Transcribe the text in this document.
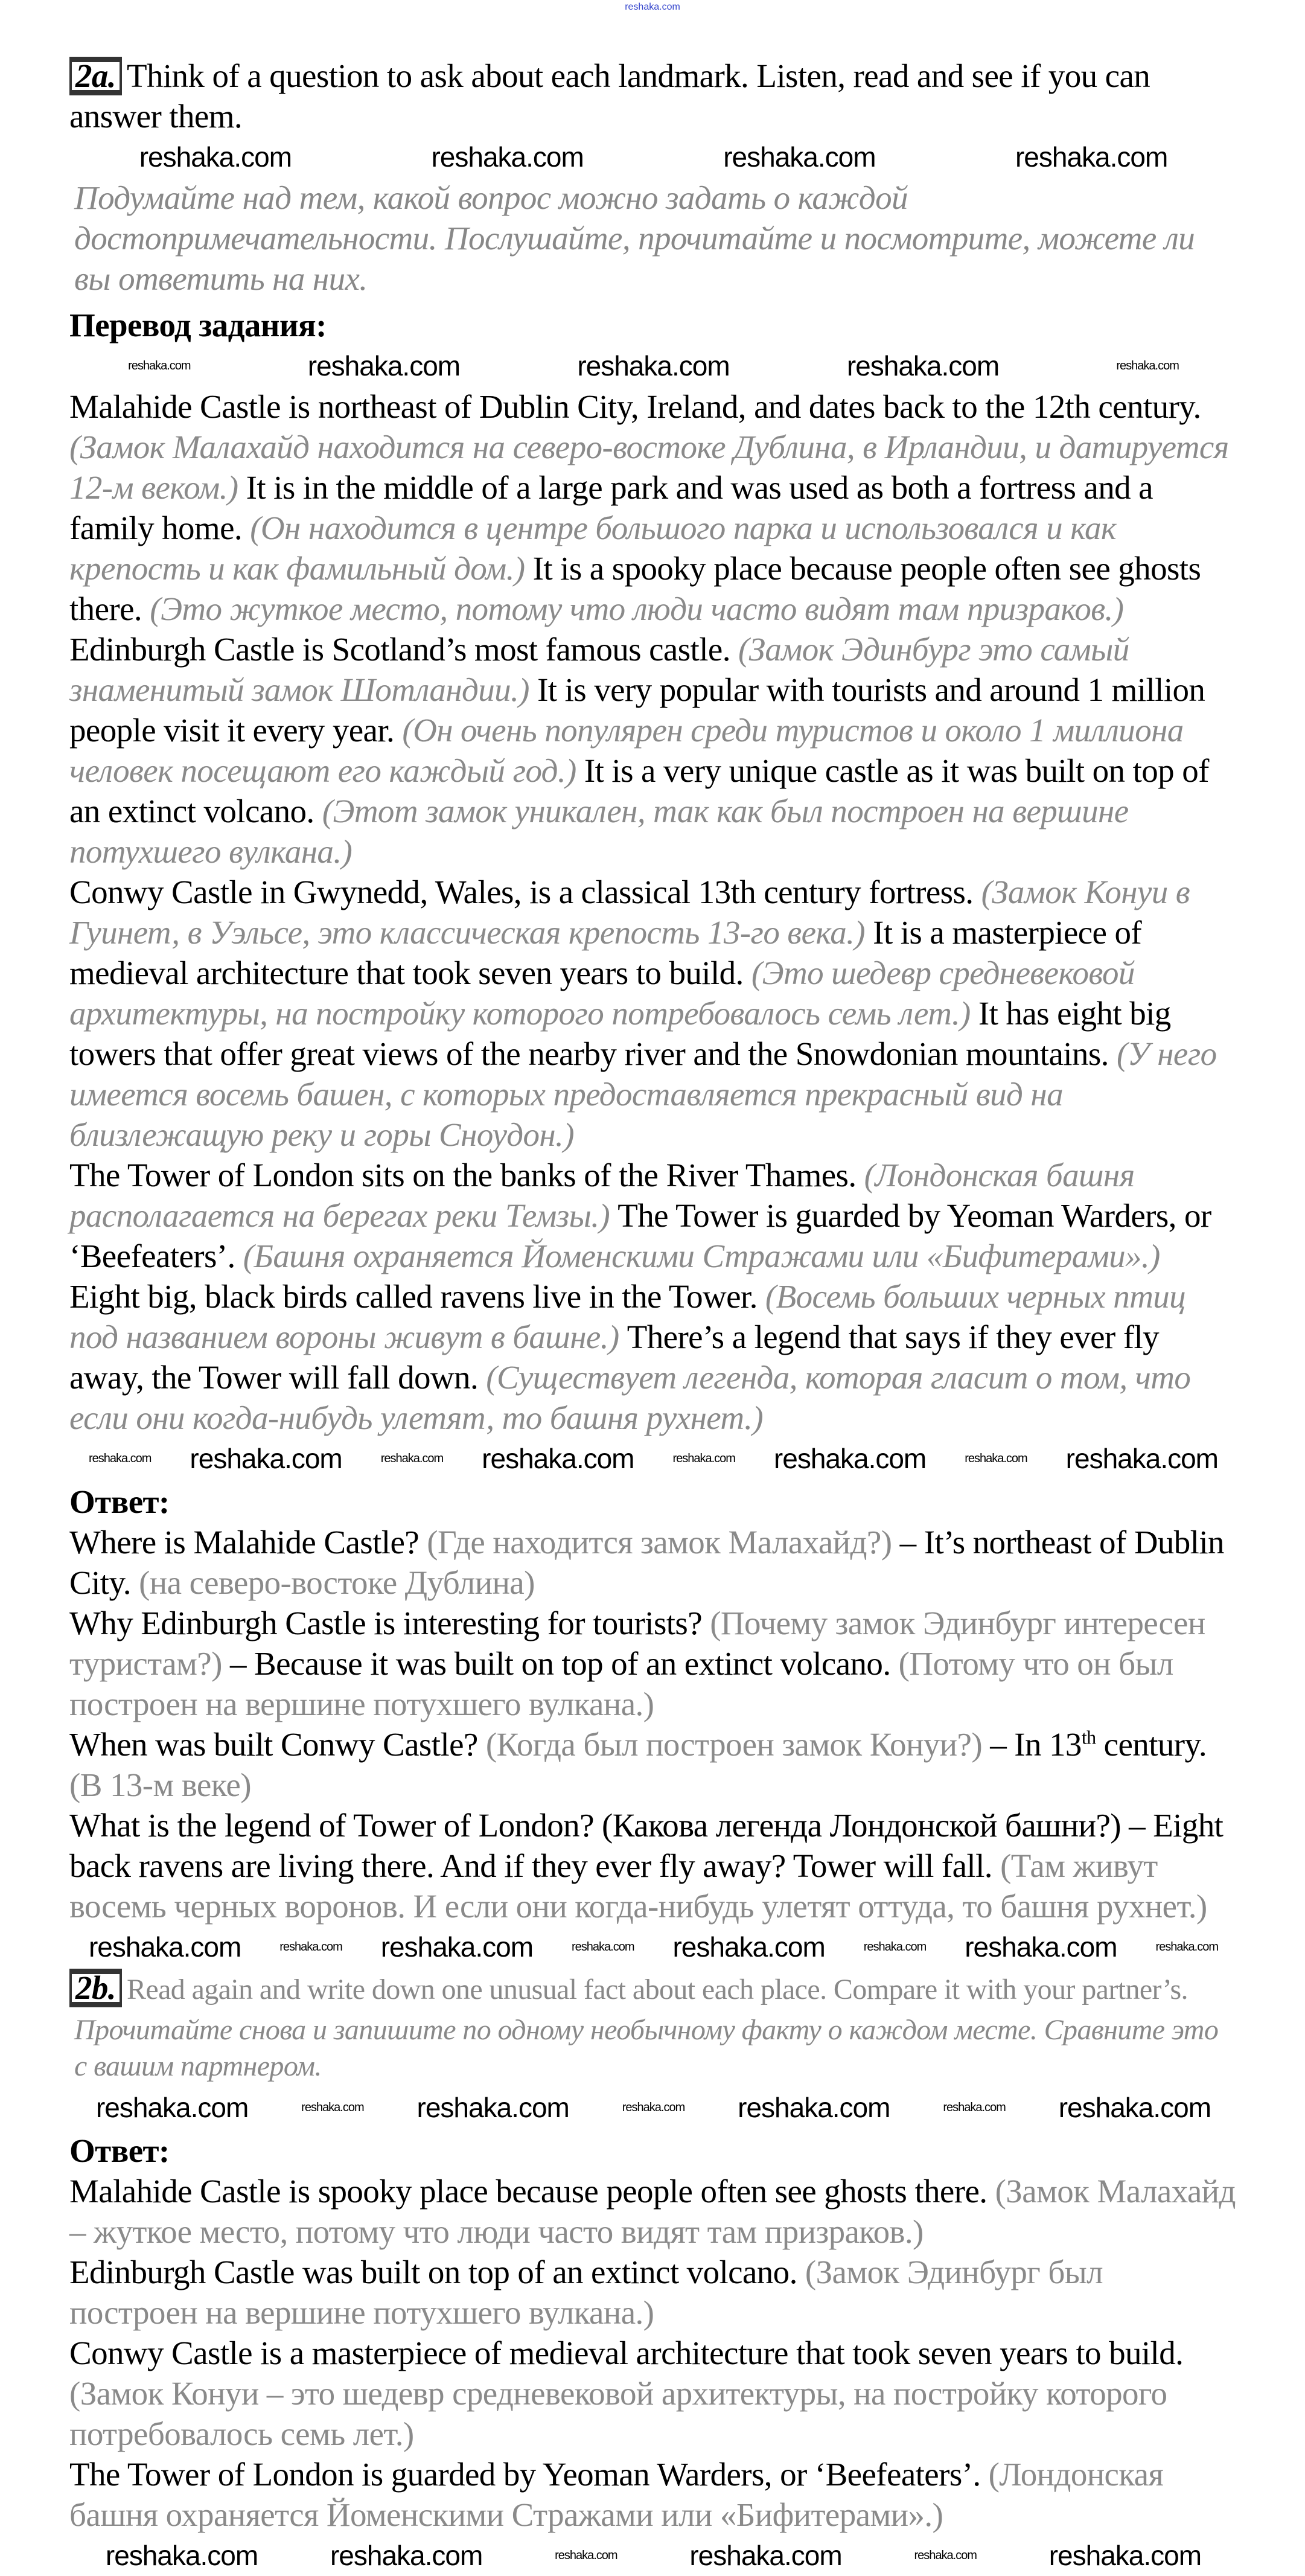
reshaka.com

2a. Think of a question to ask about each landmark. Listen, read and see if you can answer them.

reshaka.com	reshaka.com	reshaka.com	reshaka.com

Подумайте над тем, какой вопрос можно задать о каждой достопримечательности. Послушайте, прочитайте и посмотрите, можете ли вы ответить на них.

Перевод задания:

reshaka.com	reshaka.com	reshaka.com	reshaka.com	reshaka.com

Malahide Castle is northeast of Dublin City, Ireland, and dates back to the 12th century. (Замок Малахайд находится на северо-востоке Дублина, в Ирландии, и датируется 12-м веком.) It is in the middle of a large park and was used as both a fortress and a family home. (Он находится в центре большого парка и использовался и как крепость и как фамильный дом.) It is a spooky place because people often see ghosts there. (Это жуткое место, потому что люди часто видят там призраков.)

Edinburgh Castle is Scotland’s most famous castle. (Замок Эдинбург это самый знаменитый замок Шотландии.) It is very popular with tourists and around 1 million people visit it every year. (Он очень популярен среди туристов и около 1 миллиона человек посещают его каждый год.) It is a very unique castle as it was built on top of an extinct volcano. (Этот замок уникален, так как был построен на вершине потухшего вулкана.)

Conwy Castle in Gwynedd, Wales, is a classical 13th century fortress. (Замок Конуи в Гуинет, в Уэльсе, это классическая крепость 13-го века.) It is a masterpiece of medieval architecture that took seven years to build. (Это шедевр средневековой архитектуры, на постройку которого потребовалось семь лет.) It has eight big towers that offer great views of the nearby river and the Snowdonian mountains. (У него имеется восемь башен, с которых предоставляется прекрасный вид на близлежащую реку и горы Сноудон.)

The Tower of London sits on the banks of the River Thames. (Лондонская башня располагается на берегах реки Темзы.) The Tower is guarded by Yeoman Warders, or ‘Beefeaters’. (Башня охраняется Йоменскими Стражами или «Бифитерами».) Eight big, black birds called ravens live in the Tower. (Восемь больших черных птиц под названием вороны живут в башне.) There’s a legend that says if they ever fly away, the Tower will fall down. (Существует легенда, которая гласит о том, что если они когда-нибудь улетят, то башня рухнет.)

reshaka.com reshaka.com	reshaka.com reshaka.com	reshaka.com reshaka.com	reshaka.com reshaka.com

Ответ:

Where is Malahide Castle? (Где находится замок Малахайд?) – It’s northeast of Dublin City. (на северо-востоке Дублина)

Why Edinburgh Castle is interesting for tourists? (Почему замок Эдинбург интересен туристам?) – Because it was built on top of an extinct volcano. (Потому что он был построен на вершине потухшего вулкана.)

When was built Conwy Castle? (Когда был построен замок Конуи?) – In 13th century. (В 13-м веке)

What is the legend of Tower of London? (Какова легенда Лондонской башни?) – Eight back ravens are living there. And if they ever fly away? Tower will fall. (Там живут восемь черных воронов. И если они когда-нибудь улетят оттуда, то башня рухнет.)

reshaka.com	reshaka.com reshaka.com	reshaka.com reshaka.com	reshaka.com reshaka.com	reshaka.com

2b. Read again and write down one unusual fact about each place. Compare it with your partner’s.

Прочитайте снова и запишите по одному необычному факту о каждом месте. Сравните это с вашим партнером.

reshaka.com	reshaka.com reshaka.com	reshaka.com reshaka.com	reshaka.com reshaka.com

Ответ:

Malahide Castle is spooky place because people often see ghosts there. (Замок Малахайд – жуткое место, потому что люди часто видят там призраков.)

Edinburgh Castle was built on top of an extinct volcano. (Замок Эдинбург был построен на вершине потухшего вулкана.)

Conwy Castle is a masterpiece of medieval architecture that took seven years to build. (Замок Конуи – это шедевр средневековой архитектуры, на постройку которого потребовалось семь лет.)

The Tower of London is guarded by Yeoman Warders, or ‘Beefeaters’. (Лондонская башня охраняется Йоменскими Стражами или «Бифитерами».)

reshaka.com	reshaka.com	reshaka.com	reshaka.com	reshaka.com	reshaka.com
